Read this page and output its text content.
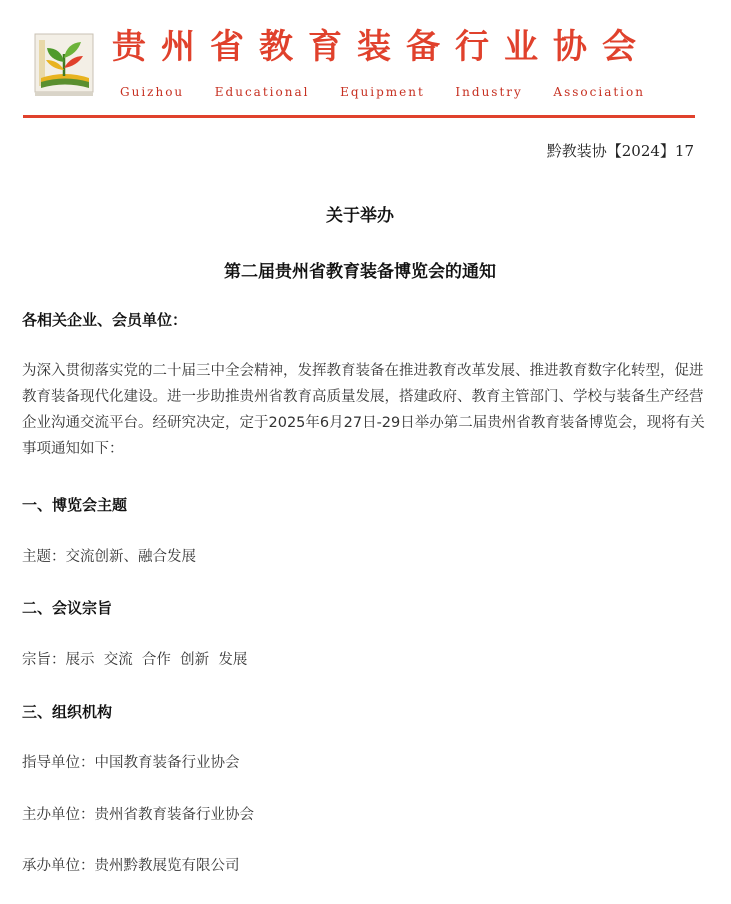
贵州省教育装备行业协会
Guizhou	Educational	Equipment	Industry	Association
黔教装协【2024】17
关于举办
第二届贵州省教育装备博览会的通知
各相关企业、会员单位：
为深入贯彻落实党的二十届三中全会精神，发挥教育装备在推进教育改革发展、推进教育数字化转型，促进教育装备现代化建设。进一步助推贵州省教育高质量发展，搭建政府、教育主管部门、学校与装备生产经营企业沟通交流平台。经研究决定，定于2025年6月27日-29日举办第二届贵州省教育装备博览会，现将有关事项通知如下：
一、博览会主题
主题：交流创新、融合发展
二、会议宗旨
宗旨：展示  交流  合作  创新  发展
三、组织机构
指导单位：中国教育装备行业协会
主办单位：贵州省教育装备行业协会
承办单位：贵州黔教展览有限公司
